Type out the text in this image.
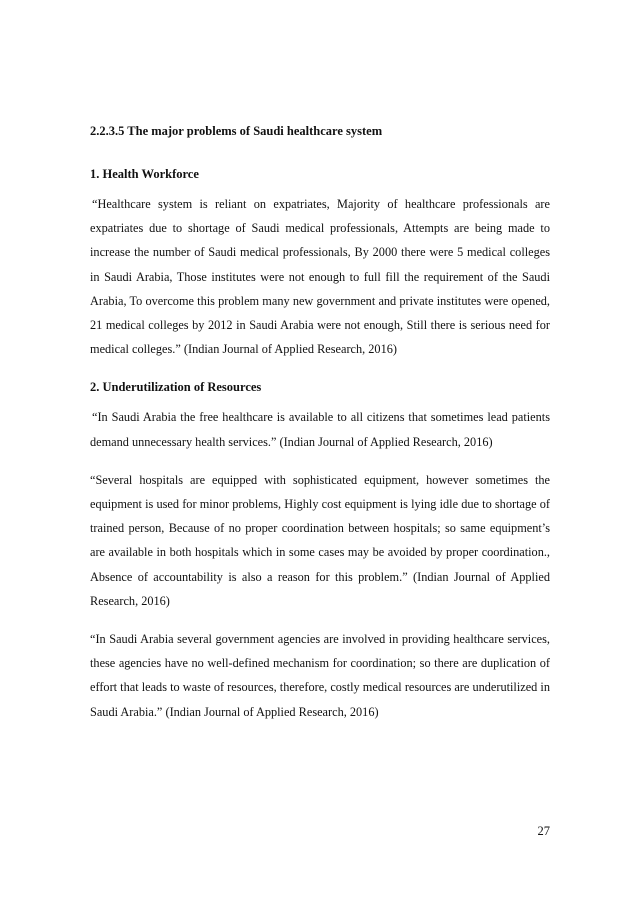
2.2.3.5 The major problems of Saudi healthcare system
1. Health Workforce

“Healthcare system is reliant on expatriates, Majority of healthcare professionals are expatriates due to shortage of Saudi medical professionals, Attempts are being made to increase the number of Saudi medical professionals, By 2000 there were 5 medical colleges in Saudi Arabia, Those institutes were not enough to full fill the requirement of the Saudi Arabia, To overcome this problem many new government and private institutes were opened, 21 medical colleges by 2012 in Saudi Arabia were not enough, Still there is serious need for medical colleges.” (Indian Journal of Applied Research, 2016)

2. Underutilization of Resources

“In Saudi Arabia the free healthcare is available to all citizens that sometimes lead patients demand unnecessary health services.” (Indian Journal of Applied Research, 2016)

“Several hospitals are equipped with sophisticated equipment, however sometimes the equipment is used for minor problems, Highly cost equipment is lying idle due to shortage of trained person, Because of no proper coordination between hospitals; so same equipment’s are available in both hospitals which in some cases may be avoided by proper coordination., Absence of accountability is also a reason for this problem.” (Indian Journal of Applied Research, 2016)

“In Saudi Arabia several government agencies are involved in providing healthcare services, these agencies have no well-defined mechanism for coordination; so there are duplication of effort that leads to waste of resources, therefore, costly medical resources are underutilized in Saudi Arabia.” (Indian Journal of Applied Research, 2016)

27
